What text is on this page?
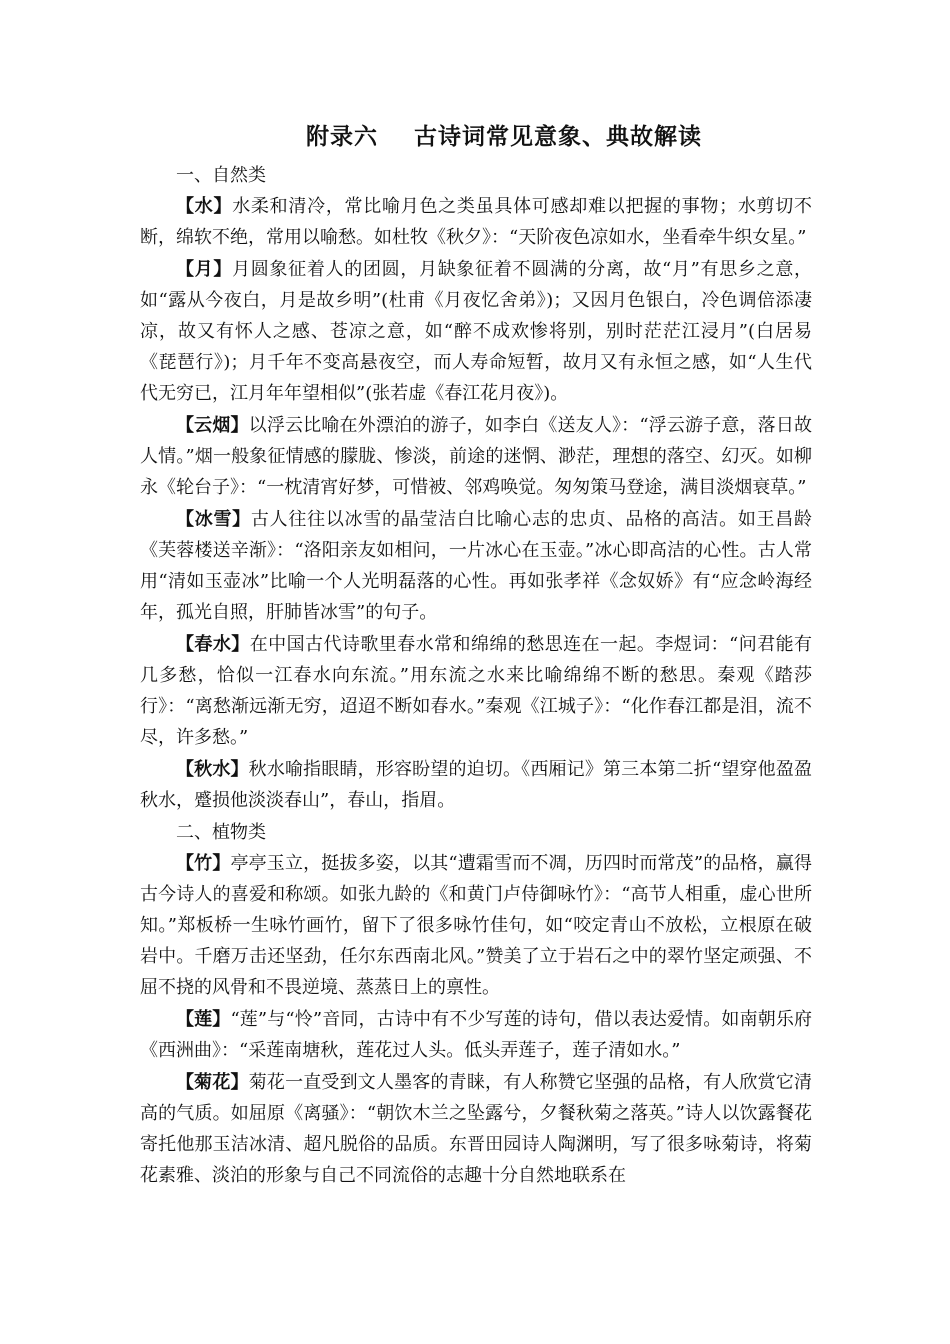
附录六    古诗词常见意象、典故解读

一、自然类

【水】水柔和清冷，常比喻月色之类虽具体可感却难以把握的事物；水剪切不断，绵软不绝，常用以喻愁。如杜牧《秋夕》：“天阶夜色凉如水，坐看牵牛织女星。”

【月】月圆象征着人的团圆，月缺象征着不圆满的分离，故“月”有思乡之意，如“露从今夜白，月是故乡明”(杜甫《月夜忆舍弟》)；又因月色银白，冷色调倍添凄凉，故又有怀人之感、苍凉之意，如“醉不成欢惨将别，别时茫茫江浸月”(白居易《琵琶行》)；月千年不变高悬夜空，而人寿命短暂，故月又有永恒之感，如“人生代代无穷已，江月年年望相似”(张若虚《春江花月夜》)。

【云烟】以浮云比喻在外漂泊的游子，如李白《送友人》：“浮云游子意，落日故人情。”烟一般象征情感的朦胧、惨淡，前途的迷惘、渺茫，理想的落空、幻灭。如柳永《轮台子》：“一枕清宵好梦，可惜被、邻鸡唤觉。匆匆策马登途，满目淡烟衰草。”

【冰雪】古人往往以冰雪的晶莹洁白比喻心志的忠贞、品格的高洁。如王昌龄《芙蓉楼送辛渐》：“洛阳亲友如相问，一片冰心在玉壶。”冰心即高洁的心性。古人常用“清如玉壶冰”比喻一个人光明磊落的心性。再如张孝祥《念奴娇》有“应念岭海经年，孤光自照，肝肺皆冰雪”的句子。

【春水】在中国古代诗歌里春水常和绵绵的愁思连在一起。李煜词：“问君能有几多愁，恰似一江春水向东流。”用东流之水来比喻绵绵不断的愁思。秦观《踏莎行》：“离愁渐远渐无穷，迢迢不断如春水。”秦观《江城子》：“化作春江都是泪，流不尽，许多愁。”

【秋水】秋水喻指眼睛，形容盼望的迫切。《西厢记》第三本第二折“望穿他盈盈秋水，蹙损他淡淡春山”，春山，指眉。

二、植物类

【竹】亭亭玉立，挺拔多姿，以其“遭霜雪而不凋，历四时而常茂”的品格，赢得古今诗人的喜爱和称颂。如张九龄的《和黄门卢侍御咏竹》：“高节人相重，虚心世所知。”郑板桥一生咏竹画竹，留下了很多咏竹佳句，如“咬定青山不放松，立根原在破岩中。千磨万击还坚劲，任尔东西南北风。”赞美了立于岩石之中的翠竹坚定顽强、不屈不挠的风骨和不畏逆境、蒸蒸日上的禀性。

【莲】“莲”与“怜”音同，古诗中有不少写莲的诗句，借以表达爱情。如南朝乐府《西洲曲》：“采莲南塘秋，莲花过人头。低头弄莲子，莲子清如水。”

【菊花】菊花一直受到文人墨客的青睐，有人称赞它坚强的品格，有人欣赏它清高的气质。如屈原《离骚》：“朝饮木兰之坠露兮，夕餐秋菊之落英。”诗人以饮露餐花寄托他那玉洁冰清、超凡脱俗的品质。东晋田园诗人陶渊明，写了很多咏菊诗，将菊花素雅、淡泊的形象与自己不同流俗的志趣十分自然地联系在
